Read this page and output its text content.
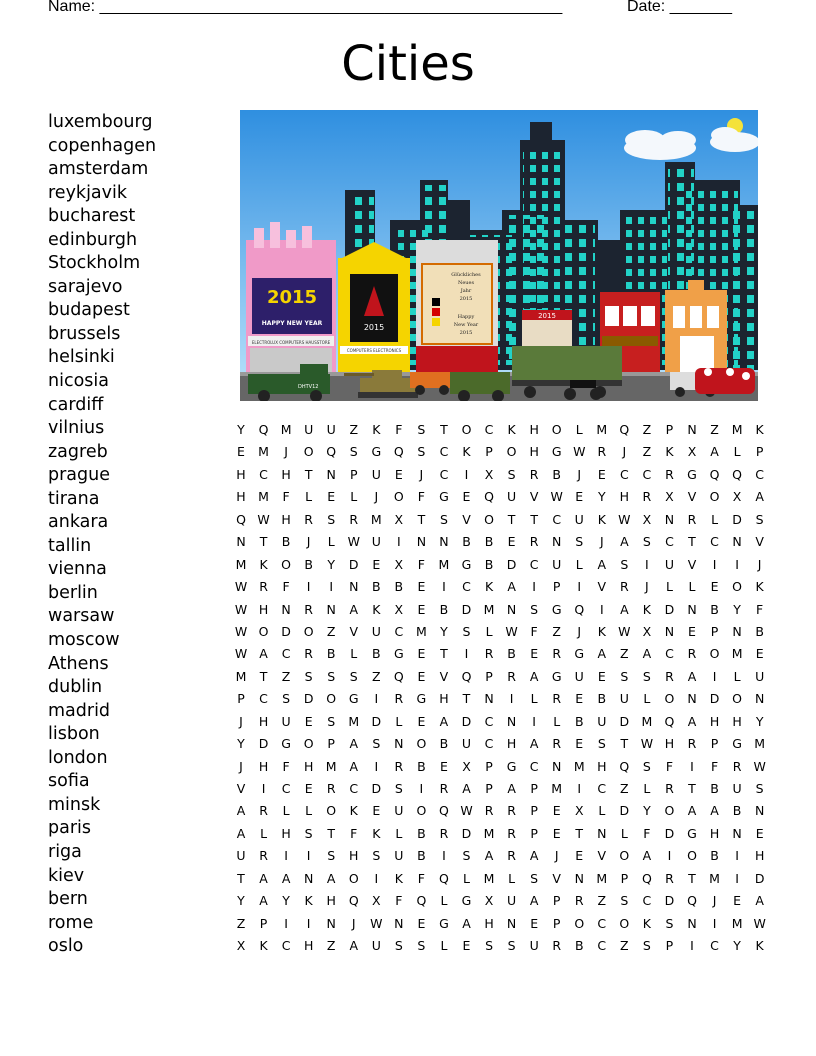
Name: ____________________________________________________	Date: _______
Cities
luxembourg
copenhagen
amsterdam
reykjavik
bucharest
edinburgh
Stockholm
sarajevo
budapest
brussels
helsinki
nicosia
cardiff
vilnius
zagreb
prague
tirana
ankara
tallin
vienna
berlin
warsaw
moscow
Athens
dublin
madrid
lisbon
london
sofia
minsk
paris
riga
kiev
bern
rome
oslo
2015
HAPPY NEW YEAR
ELECTROLUX COMPUTERS HAUSSTORE
2015
COMPUTERS ELECTRONICS
Glückliches
Neues
Jahr
2015
Happy
New Year
2015
2015
DHTV12
Y	Q M	U	U	Z	K	F	S	T	O	C	K	H	O	L	M Q	Z	P	N	Z	M	K
E	M	J	O	Q	S	G	Q	S	C	K	P	O	H	G W R	J	Z	K	X	A	L	P
H	C	H	T	N	P	U	E	J	C	I	X	S	R	B	J	E	C	C	R	G	Q	Q	C
H M	F	L	E	L	J	O	F	G	E	Q	U	V W E	Y	H	R	X	V	O	X	A
Q W H	R	S	R	M	X	T	S	V	O	T	T	C	U	K W X	N	R	L	D	S
N	T	B	J	L	W U	I	N	N	B	B	E	R	N	S	J	A	S	C	T	C	N	V
M	K	O	B	Y	D	E	X	F	M G	B	D	C	U	L	A	S	I	U	V	I	I	J
W R	F	I	I	N	B	B	E	I	C	K	A	I	P	I	V	R	J	L	L	E	O	K
W H	N	R	N	A	K	X	E	B	D M N	S	G	Q	I	A	K	D	N	B	Y	F
W O	D	O	Z	V	U	C	M	Y	S	L	W	F	Z	J	K W X	N	E	P	N	B
W A	C	R	B	L	B	G	E	T	I	R	B	E	R	G	A	Z	A	C	R	O M	E
M	T	Z	S	S	S	Z	Q	E	V	Q	P	R	A	G	U	E	S	S	R	A	I	L	U
P	C	S	D	O	G	I	R	G	H	T	N	I	L	R	E	B	U	L	O	N	D	O	N
J	H	U	E	S	M D	L	E	A	D	C	N	I	L	B	U	D M Q	A	H	H	Y
Y	D	G	O	P	A	S	N	O	B	U	C	H	A	R	E	S	T	W H	R	P	G M
J	H	F	H M	A	I	R	B	E	X	P	G	C	N M H	Q	S	F	I	F	R W
V	I	C	E	R	C	D	S	I	R	A	P	A	P	M	I	C	Z	L	R	T	B	U	S
A	R	L	L	O	K	E	U	O	Q W R	R	P	E	X	L	D	Y	O	A	A	B	N
A	L	H	S	T	F	K	L	B	R	D M	R	P	E	T	N	L	F	D	G	H	N	E
U	R	I	I	S	H	S	U	B	I	S	A	R	A	J	E	V	O	A	I	O	B	I	H
T	A	A	N	A	O	I	K	F	Q	L	M	L	S	V	N M	P	Q	R	T	M	I	D
Y	A	Y	K	H	Q	X	F	Q	L	G	X	U	A	P	R	Z	S	C	D	Q	J	E	A
Z	P	I	I	N	J	W N	E	G	A	H	N	E	P	O	C	O	K	S	N	I	M W
X	K	C	H	Z	A	U	S	S	L	E	S	S	U	R	B	C	Z	S	P	I	C	Y	K
